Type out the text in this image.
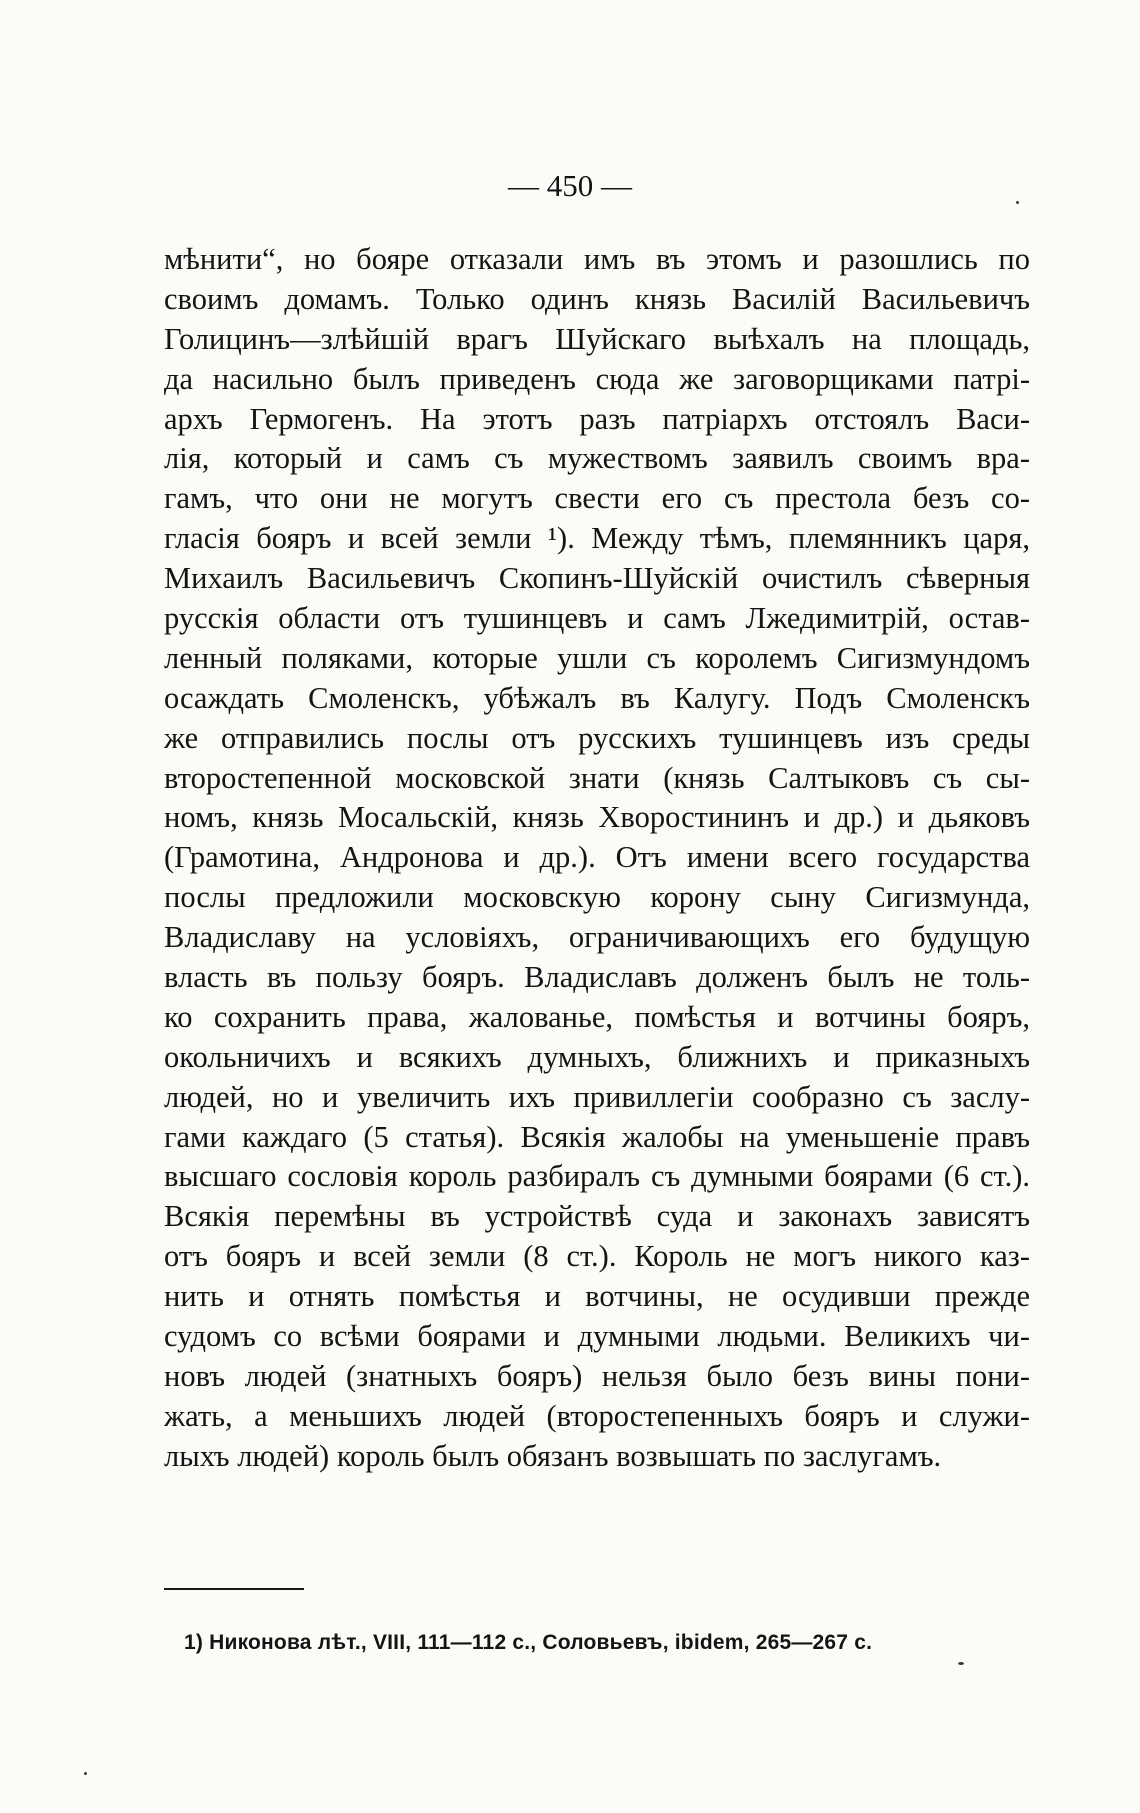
— 450 —
мѣнити“, но бояре отказали имъ въ этомъ и разошлись по
своимъ домамъ. Только одинъ князь Василій Васильевичъ
Голицинъ—злѣйшій врагъ Шуйскаго выѣхалъ на площадь,
да насильно былъ приведенъ сюда же заговорщиками патрі-
архъ Гермогенъ. На этотъ разъ патріархъ отстоялъ Васи-
лія, который и самъ съ мужествомъ заявилъ своимъ вра-
гамъ, что они не могутъ свести его съ престола безъ со-
гласія бояръ и всей земли ¹). Между тѣмъ, племянникъ царя,
Михаилъ Васильевичъ Скопинъ-Шуйскій очистилъ сѣверныя
русскія области отъ тушинцевъ и самъ Лжедимитрій, остав-
ленный поляками, которые ушли съ королемъ Сигизмундомъ
осаждать Смоленскъ, убѣжалъ въ Калугу. Подъ Смоленскъ
же отправились послы отъ русскихъ тушинцевъ изъ среды
второстепенной московской знати (князь Салтыковъ съ сы-
номъ, князь Мосальскій, князь Хворостининъ и др.) и дьяковъ
(Грамотина, Андронова и др.). Отъ имени всего государства
послы предложили московскую корону сыну Сигизмунда,
Владиславу на условіяхъ, ограничивающихъ его будущую
власть въ пользу бояръ. Владиславъ долженъ былъ не толь-
ко сохранить права, жалованье, помѣстья и вотчины бояръ,
окольничихъ и всякихъ думныхъ, ближнихъ и приказныхъ
людей, но и увеличить ихъ привиллегіи сообразно съ заслу-
гами каждаго (5 статья). Всякія жалобы на уменьшеніе правъ
высшаго сословія король разбиралъ съ думными боярами (6 ст.).
Всякія перемѣны въ устройствѣ суда и законахъ зависятъ
отъ бояръ и всей земли (8 ст.). Король не могъ никого каз-
нить и отнять помѣстья и вотчины, не осудивши прежде
судомъ со всѣми боярами и думными людьми. Великихъ чи-
новъ людей (знатныхъ бояръ) нельзя было безъ вины пони-
жать, а меньшихъ людей (второстепенныхъ бояръ и служи-
лыхъ людей) король былъ обязанъ возвышать по заслугамъ.
1) Никонова лѣт., VIII, 111—112 с., Соловьевъ, ibidem, 265—267 с.
